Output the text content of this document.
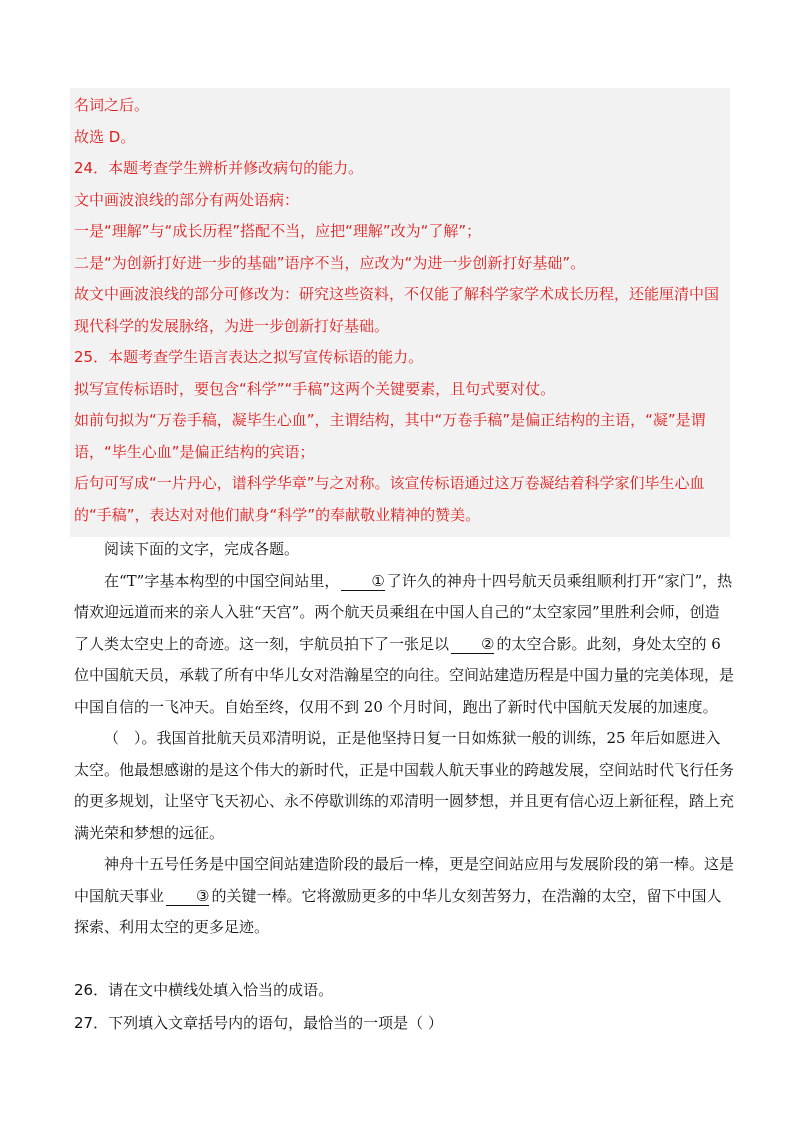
名词之后。

故选 D。

24．本题考查学生辨析并修改病句的能力。

文中画波浪线的部分有两处语病：

一是“理解”与“成长历程”搭配不当，应把“理解”改为“了解”；

二是“为创新打好进一步的基础”语序不当，应改为“为进一步创新打好基础”。

故文中画波浪线的部分可修改为：研究这些资料，不仅能了解科学家学术成长历程，还能厘清中国现代科学的发展脉络，为进一步创新打好基础。

25．本题考查学生语言表达之拟写宣传标语的能力。

拟写宣传标语时，要包含“科学”“手稿”这两个关键要素，且句式要对仗。

如前句拟为“万卷手稿，凝毕生心血”，主谓结构，其中“万卷手稿”是偏正结构的主语，“凝”是谓语，“毕生心血”是偏正结构的宾语；

后句可写成“一片丹心，谱科学华章”与之对称。该宣传标语通过这万卷凝结着科学家们毕生心血的“手稿”，表达对对他们献身“科学”的奉献敬业精神的赞美。

阅读下面的文字，完成各题。

在“T”字基本构型的中国空间站里， ① 了许久的神舟十四号航天员乘组顺利打开“家门”，热情欢迎远道而来的亲人入驻“天宫”。两个航天员乘组在中国人自己的“太空家园”里胜利会师，创造了人类太空史上的奇迹。这一刻，宇航员拍下了一张足以 ② 的太空合影。此刻，身处太空的 6 位中国航天员，承载了所有中华儿女对浩瀚星空的向往。空间站建造历程是中国力量的完美体现，是中国自信的一飞冲天。自始至终，仅用不到 20 个月时间，跑出了新时代中国航天发展的加速度。

（　）。我国首批航天员邓清明说，正是他坚持日复一日如炼狱一般的训练，25 年后如愿进入太空。他最想感谢的是这个伟大的新时代，正是中国载人航天事业的跨越发展，空间站时代飞行任务的更多规划，让坚守飞天初心、永不停歇训练的邓清明一圆梦想，并且更有信心迈上新征程，踏上充满光荣和梦想的远征。

神舟十五号任务是中国空间站建造阶段的最后一棒，更是空间站应用与发展阶段的第一棒。这是中国航天事业 ③ 的关键一棒。它将激励更多的中华儿女刻苦努力，在浩瀚的太空，留下中国人探索、利用太空的更多足迹。

26．请在文中横线处填入恰当的成语。

27．下列填入文章括号内的语句，最恰当的一项是（ ）
